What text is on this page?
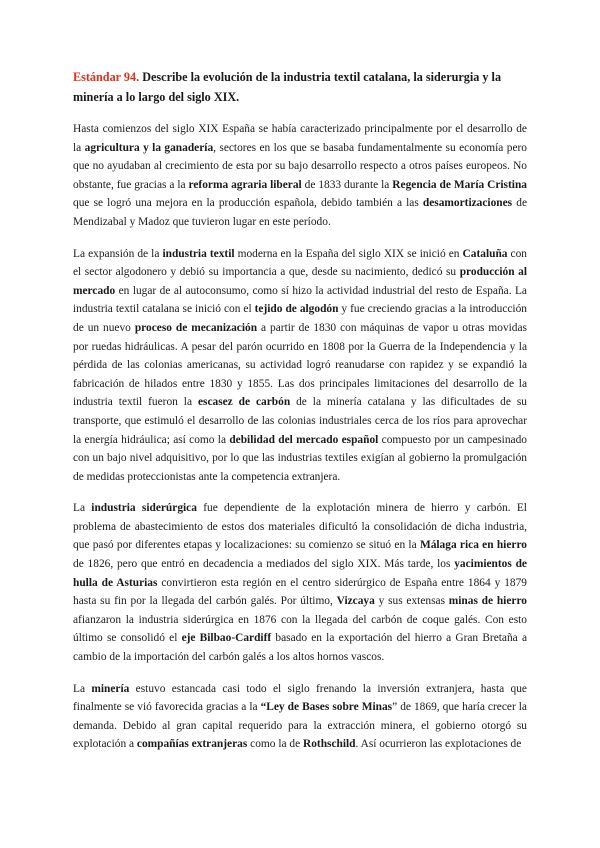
Estándar 94. Describe la evolución de la industria textil catalana, la siderurgia y la minería a lo largo del siglo XIX.

Hasta comienzos del siglo XIX España se había caracterizado principalmente por el desarrollo de la agricultura y la ganadería, sectores en los que se basaba fundamentalmente su economía pero que no ayudaban al crecimiento de esta por su bajo desarrollo respecto a otros países europeos. No obstante, fue gracias a la reforma agraria liberal de 1833 durante la Regencia de María Cristina que se logró una mejora en la producción española, debido también a las desamortizaciones de Mendizabal y Madoz que tuvieron lugar en este período.

La expansión de la industria textil moderna en la España del siglo XIX se inició en Cataluña con el sector algodonero y debió su importancia a que, desde su nacimiento, dedicó su producción al mercado en lugar de al autoconsumo, como sí hizo la actividad industrial del resto de España. La industria textil catalana se inició con el tejido de algodón y fue creciendo gracias a la introducción de un nuevo proceso de mecanización a partir de 1830 con máquinas de vapor u otras movidas por ruedas hidráulicas. A pesar del parón ocurrido en 1808 por la Guerra de la Independencia y la pérdida de las colonias americanas, su actividad logró reanudarse con rapidez y se expandió la fabricación de hilados entre 1830 y 1855. Las dos principales limitaciones del desarrollo de la industria textil fueron la escasez de carbón de la minería catalana y las dificultades de su transporte, que estimuló el desarrollo de las colonias industriales cerca de los ríos para aprovechar la energía hidráulica; así como la debilidad del mercado español compuesto por un campesinado con un bajo nivel adquisitivo, por lo que las industrias textiles exigían al gobierno la promulgación de medidas proteccionistas ante la competencia extranjera.

La industria siderúrgica fue dependiente de la explotación minera de hierro y carbón. El problema de abastecimiento de estos dos materiales dificultó la consolidación de dicha industria, que pasó por diferentes etapas y localizaciones: su comienzo se situó en la Málaga rica en hierro de 1826, pero que entró en decadencia a mediados del siglo XIX. Más tarde, los yacimientos de hulla de Asturias convirtieron esta región en el centro siderúrgico de España entre 1864 y 1879 hasta su fin por la llegada del carbón galés. Por último, Vizcaya y sus extensas minas de hierro afianzaron la industria siderúrgica en 1876 con la llegada del carbón de coque galés. Con esto último se consolidó el eje Bilbao-Cardiff basado en la exportación del hierro a Gran Bretaña a cambio de la importación del carbón galés a los altos hornos vascos.

La minería estuvo estancada casi todo el siglo frenando la inversión extranjera, hasta que finalmente se vió favorecida gracias a la “Ley de Bases sobre Minas” de 1869, que haría crecer la demanda. Debido al gran capital requerido para la extracción minera, el gobierno otorgó su explotación a compañías extranjeras como la de Rothschild. Así ocurrieron las explotaciones de
